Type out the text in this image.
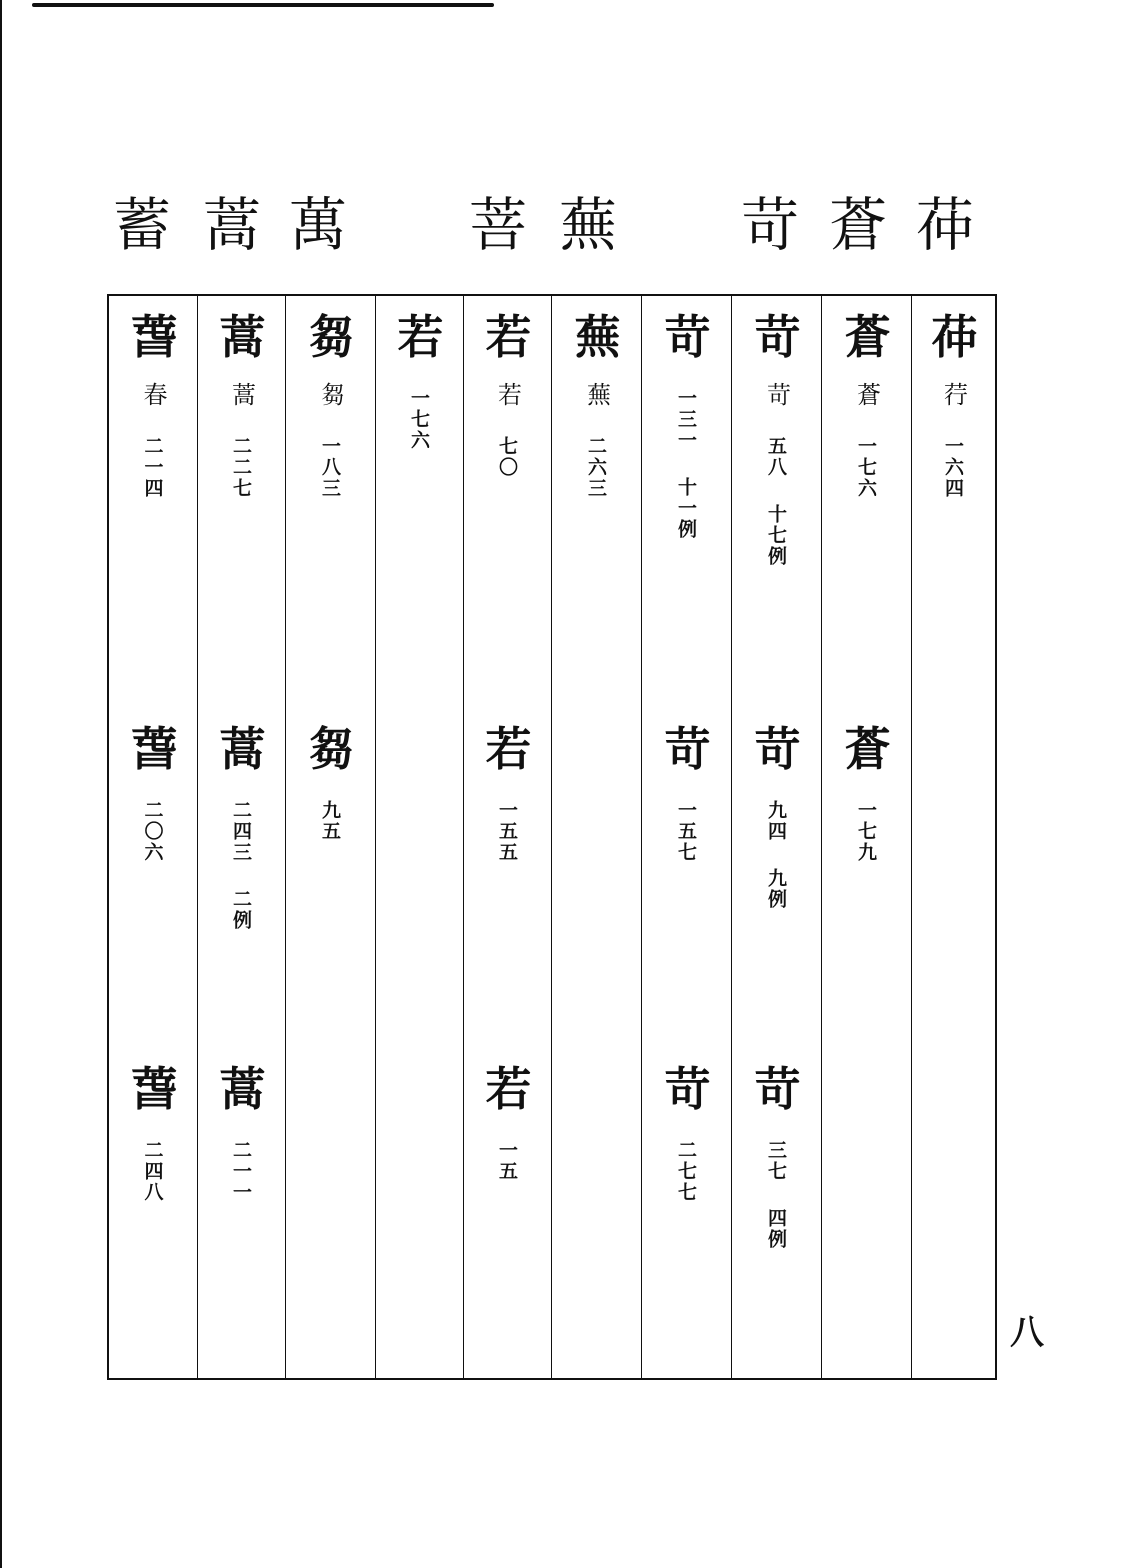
茽
蒼
苛
蕪
菩
萬
蒿
蓄
茽
荇
一六四
蒼
蒼
一七六
蒼
一七九
苛
苛
五八
十七例
苛
九四
九例
苛
三七
四例
苛
一三一
十一例
苛
一五七
苛
二七七
蕪
蕪
二六三
若
若
七〇
若
一五五
若
一五
若
一七六
芻
芻
一八三
芻
九五
蒿
蒿
二二七
蒿
二四三
二例
蒿
二一一
萅
春
二一四
萅
二〇六
萅
二四八
八
